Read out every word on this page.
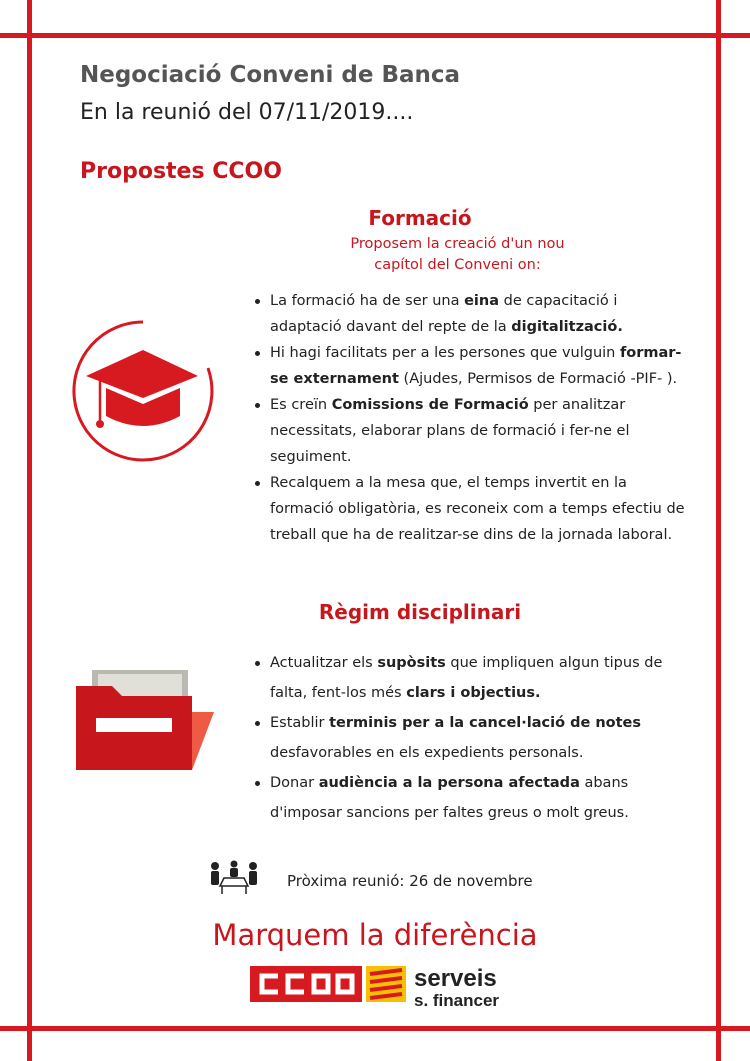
Negociació Conveni de Banca
En la reunió del 07/11/2019....
Propostes CCOO
Formació
Proposem la creació d'un nou
capítol del Conveni on:
La formació ha de ser una eina de capacitació i adaptació davant del repte de la digitalització.
Hi hagi facilitats per a les persones que vulguin formar-se externament (Ajudes, Permisos de Formació -PIF- ).
Es creïn Comissions de Formació per analitzar necessitats, elaborar plans de formació i fer-ne el seguiment.
Recalquem a la mesa que, el temps invertit en la formació obligatòria, es reconeix com a temps efectiu de treball que ha de realitzar-se dins de la jornada laboral.
Règim disciplinari
Actualitzar els supòsits que impliquen algun tipus de falta, fent-los més clars i objectius.
Establir terminis per a la cancel·lació de notes desfavorables en els expedients personals.
Donar audiència a la persona afectada abans d'imposar sancions per faltes greus o molt greus.
Pròxima reunió: 26 de novembre
Marquem la diferència
serveis
s. financer
